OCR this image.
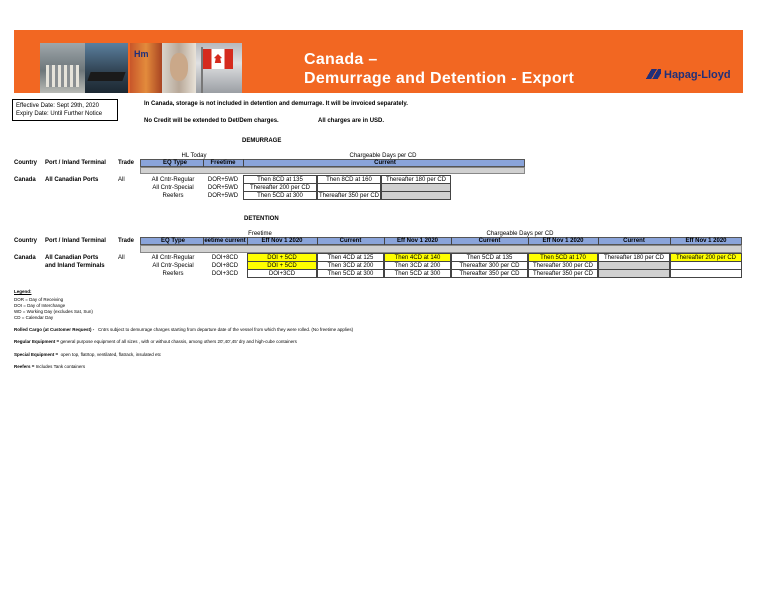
Hm	Canada –
Demurrage and Detention - Export	Hapag-Lloyd
Effective Date: Sept 29th, 2020
Expiry Date: Until Further Notice
In Canada, storage is not included in detention and demurrage. It will be invoiced separately.
No Credit will be extended to Det/Dem charges.	All charges are in USD.
DEMURRAGE
HL Today	Chargeable Days per CD
EQ Type	Freetime	Current
Country Port / Inland Terminal Trade
Canada All Canadian Ports	All	All Cntr-Regular	DOR+5WD	Then 8CD at 135	Then 8CD at 160	Thereafter 180 per CD
All Cntr-Special	DOR+5WD	Thereafter 200 per CD
Reefers	DOR+5WD	Then 5CD at 300	Thereafter 350 per CD
DETENTION
Freetime	Chargeable Days per CD
EQ Type	eetime current	Eff Nov 1 2020	Current	Eff Nov 1 2020	Current	Eff Nov 1 2020	Current	Eff Nov 1 2020
Country Port / Inland Terminal Trade
Canada All Canadian Ports
and Inland Terminals
All	All Cntr-Regular	DOI+8CD	DOI + 5CD	Then 4CD at 125	Then 4CD at 140	Then 5CD at 135	Then 5CD at 170	Thereafter 180 per CD	Thereafter 200 per CD
All Cntr-Special	DOI+8CD	DOI + 5CD	Then 3CD at 200	Then 3CD at 200	Thereafter 300 per CD	Thereafter 300 per CD
Reefers	DOI+3CD	DOI+3CD	Then 5CD at 300	Then 5CD at 300	Thereafter 350 per CD	Thereafter 350 per CD
Legend:
DOR = Day of Receiving
DOI = Day of Interchange
WD = Working Day (excludes Sat, Sun)
CD = Calendar Day
Rolled Cargo (at Customer Request) - Cntrs subject to demurrage charges starting from departure date of the vessel from which they were rolled. (No freetime applies)
Regular Equipment = general purpose equipment of all sizes , with or without chassis, among others 20',40',45' dry and high-cube containers
Special Equipment = open top, flatrtop, ventilated, flatrack, insulated etc
Reefers = Includes Tank containers
